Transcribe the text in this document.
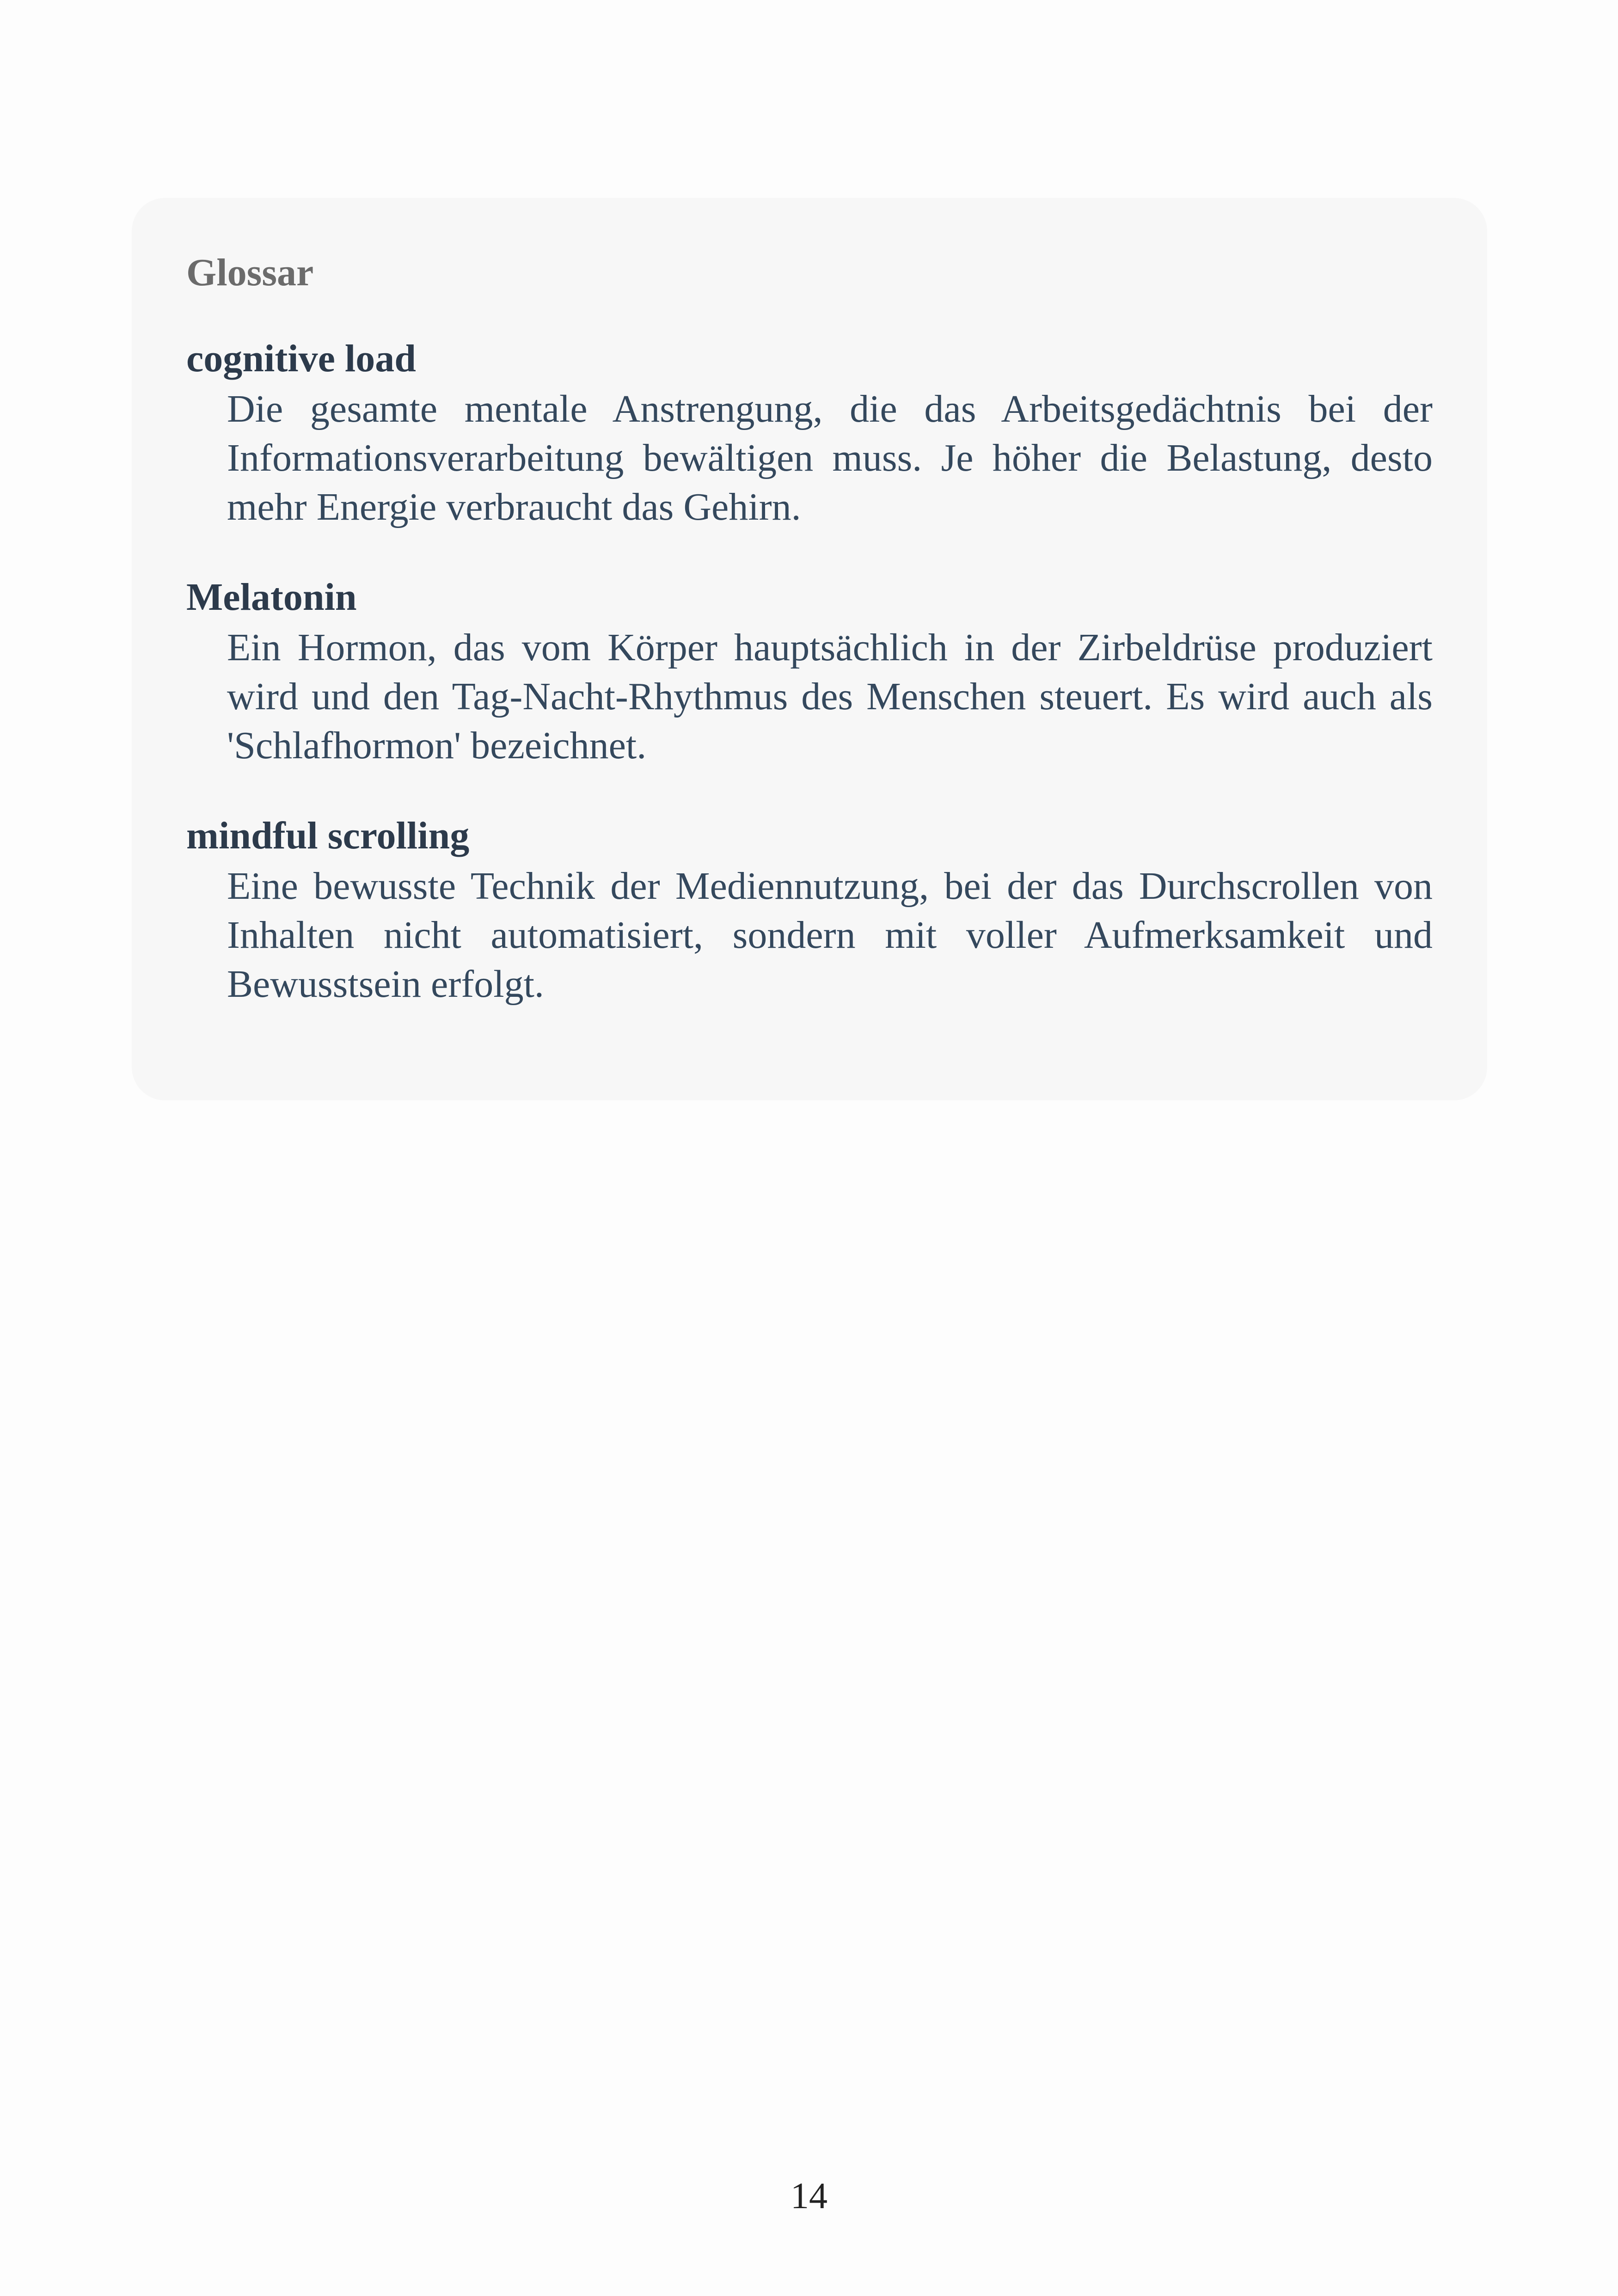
Glossar

cognitive load

Die gesamte mentale Anstrengung, die das Arbeitsgedächtnis bei der Informationsverarbeitung bewältigen muss. Je höher die Belastung, desto mehr Energie verbraucht das Gehirn.

Melatonin

Ein Hormon, das vom Körper hauptsächlich in der Zirbeldrüse produziert wird und den Tag-Nacht-Rhythmus des Menschen steuert. Es wird auch als 'Schlafhormon' bezeichnet.

mindful scrolling

Eine bewusste Technik der Mediennutzung, bei der das Durchscrollen von Inhalten nicht automatisiert, sondern mit voller Aufmerksamkeit und Bewusstsein erfolgt.

14
